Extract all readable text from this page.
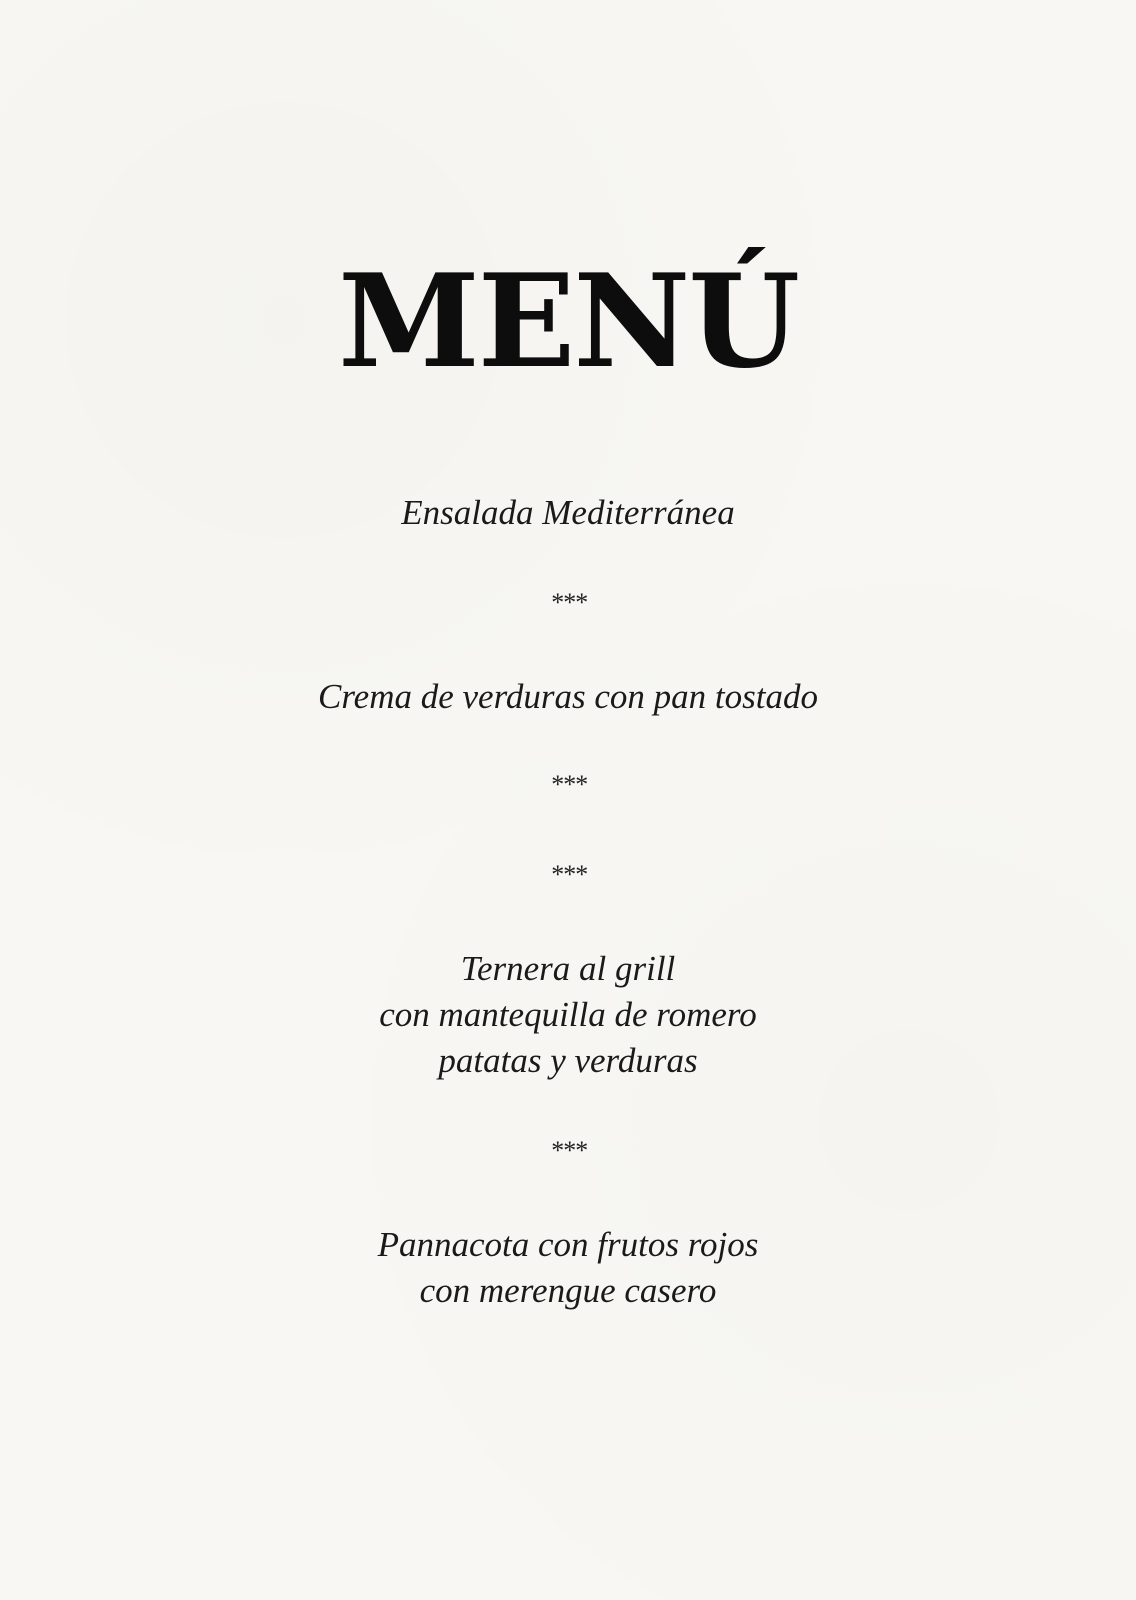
MENÚ
Ensalada Mediterránea
***
Crema de verduras con pan tostado
***
***
Ternera al grill
con mantequilla de romero
patatas y verduras
***
Pannacota con frutos rojos
con merengue casero
